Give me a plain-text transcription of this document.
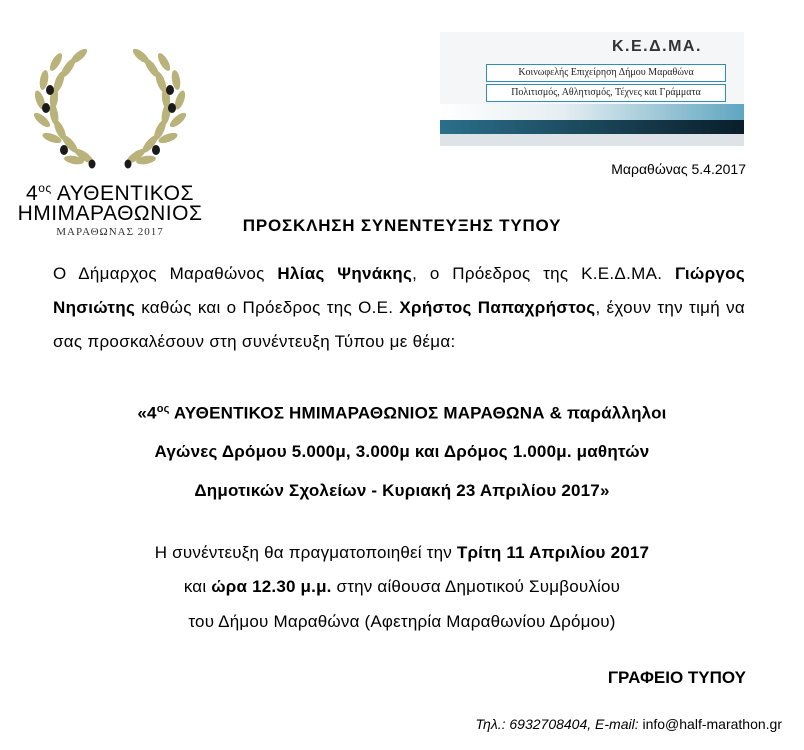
$4^{o\varsigma}$ ΑΥΘΕΝΤΙΚΟΣ
ΗΜΙΜΑΡΑΘΩΝΙΟΣ
ΜΑΡΑΘΩΝΑΣ 2017
Κ.Ε.Δ.ΜΑ.
Κοινωφελής Επιχείρηση Δήμου Μαραθώνα
Πολιτισμός, Αθλητισμός, Τέχνες και Γράμματα
Μαραθώνας 5.4.2017
ΠΡΟΣΚΛΗΣΗ ΣΥΝΕΝΤΕΥΞΗΣ ΤΥΠΟΥ
Ο Δήμαρχος Μαραθώνος Ηλίας Ψηνάκης, ο Πρόεδρος της Κ.Ε.Δ.ΜΑ. Γιώργος Νησιώτης καθώς και ο Πρόεδρος της Ο.Ε. Χρήστος Παπαχρήστος, έχουν την τιμή να σας προσκαλέσουν στη συνέντευξη Τύπου με θέμα:
«$4^{o\varsigma}$ ΑΥΘΕΝΤΙΚΟΣ ΗΜΙΜΑΡΑΘΩΝΙΟΣ ΜΑΡΑΘΩΝΑ & παράλληλοι
Αγώνες Δρόμου 5.000μ, 3.000μ και Δρόμος 1.000μ. μαθητών
Δημοτικών Σχολείων - Κυριακή 23 Απριλίου 2017»
Η συνέντευξη θα πραγματοποιηθεί την Τρίτη 11 Απριλίου 2017
και ώρα 12.30 μ.μ. στην αίθουσα Δημοτικού Συμβουλίου
του Δήμου Μαραθώνα (Αφετηρία Μαραθωνίου Δρόμου)
ΓΡΑΦΕΙΟ ΤΥΠΟΥ
Τηλ.: 6932708404, E-mail: info@half-marathon.gr
